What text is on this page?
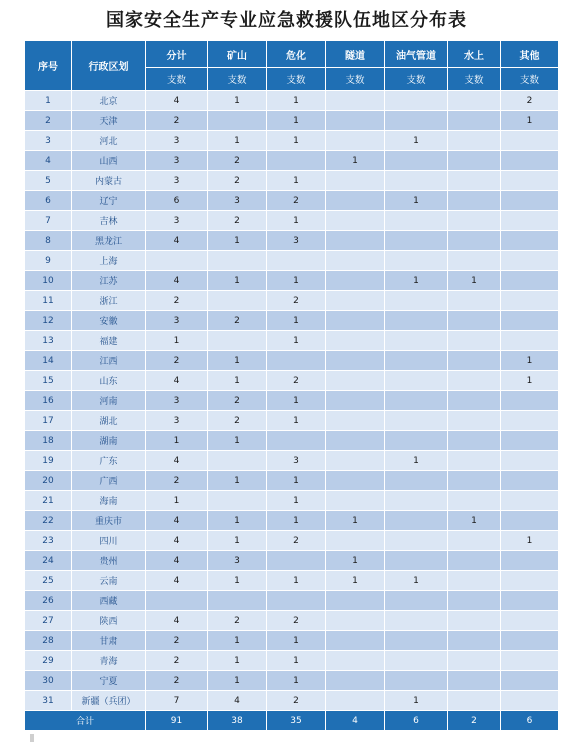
国家安全生产专业应急救援队伍地区分布表
序号	行政区划	分计	矿山	危化	隧道	油气管道	水上	其他
		支数	支数	支数	支数	支数	支数	支数
1	北京	4	1	1				2
2	天津	2		1				1
3	河北	3	1	1		1		
4	山西	3	2		1			
5	内蒙古	3	2	1				
6	辽宁	6	3	2		1		
7	吉林	3	2	1				
8	黑龙江	4	1	3				
9	上海							
10	江苏	4	1	1		1	1	
11	浙江	2		2				
12	安徽	3	2	1				
13	福建	1		1				
14	江西	2	1					1
15	山东	4	1	2				1
16	河南	3	2	1				
17	湖北	3	2	1				
18	湖南	1	1					
19	广东	4		3		1		
20	广西	2	1	1				
21	海南	1		1				
22	重庆市	4	1	1	1		1	
23	四川	4	1	2				1
24	贵州	4	3		1			
25	云南	4	1	1	1	1		
26	西藏							
27	陕西	4	2	2				
28	甘肃	2	1	1				
29	青海	2	1	1				
30	宁夏	2	1	1				
31	新疆（兵团）	7	4	2		1		
合计		91	38	35	4	6	2	6
